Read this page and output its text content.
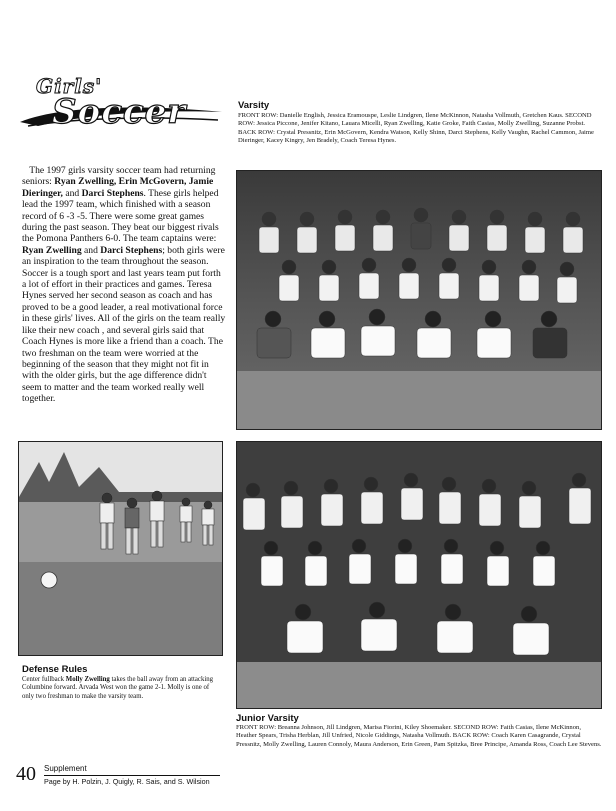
Girls'
Soccer
The 1997 girls varsity soccer team had returning seniors: Ryan Zwelling, Erin McGovern, Jamie Dieringer, and Darci Stephens. These girls helped lead the 1997 team, which finished with a season record of 6 -3 -5. There were some great games during the past season. They beat our biggest rivals the Pomona Panthers 6-0. The team captains were: Ryan Zwelling and Darci Stephens; both girls were an inspiration to the team throughout the season. Soccer is a tough sport and last years team put forth a lot of effort in their practices and games. Teresa Hynes served her second season as coach and has proved to be a good leader, a real motivational force in these girls' lives. All of the girls on the team really like their new coach , and several girls said that Coach Hynes is more like a friend than a coach. The two freshman on the team were worried at the beginning of the season that they might not fit in with the older girls, but the age difference didn't seem to matter and the team worked really well together.
Varsity
FRONT ROW: Danielle English, Jessica Eramouspe, Leslie Lindgren, Ilene McKinnon, Natasha Vollmuth, Gretchen Kaus. SECOND ROW: Jessica Piccone, Jenifer Kitano, Lauara Micelli, Ryan Zwelling, Katie Groke, Faith Casias, Molly Zwelling, Suzanne Probst. BACK ROW: Crystal Pressnitz, Erin McGovern, Kendra Watson, Kelly Shinn, Darci Stephens, Kelly Vaughn, Rachel Cammon, Jaime Dieringer, Kacey Kingry, Jen Bradely, Coach Teresa Hynes.
Defense Rules
Center fullback Molly Zwelling takes the ball away from an attacking Columbine forward. Arvada West won the game 2-1. Molly is one of only two freshman to make the varsity team.
Junior Varsity
FRONT ROW: Breanna Johnson, Jill Lindgren, Marisa Fiorini, Kiley Shoemaker. SECOND ROW: Faith Casias, Ilene McKinnon, Heather Spears, Trisha Herblan, Jill Unfried, Nicole Giddings, Natasha Vollmuth. BACK ROW: Coach Karen Casagrande, Crystal Pressnitz, Molly Zwelling, Lauren Connoly, Maura Anderson, Erin Green, Pam Spitzka, Bree Principe, Amanda Ross, Coach Lee Stevens.
40 Supplement
Page by H. Polzin, J. Quigly, R. Sais, and S. Wilsion
